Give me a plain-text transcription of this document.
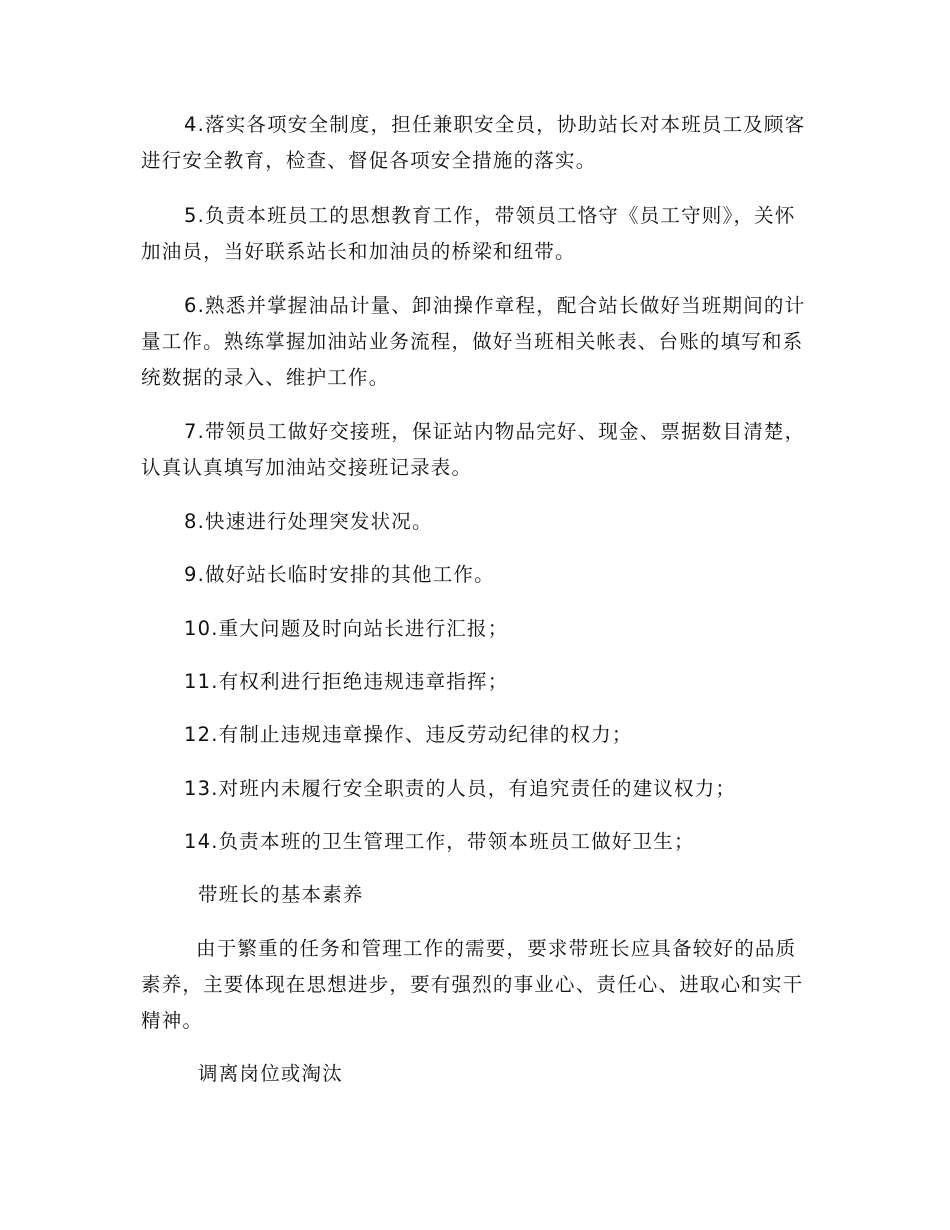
4.落实各项安全制度，担任兼职安全员，协助站长对本班员工及顾客进行安全教育，检查、督促各项安全措施的落实。

5.负责本班员工的思想教育工作，带领员工恪守《员工守则》，关怀加油员，当好联系站长和加油员的桥梁和纽带。

6.熟悉并掌握油品计量、卸油操作章程，配合站长做好当班期间的计量工作。熟练掌握加油站业务流程，做好当班相关帐表、台账的填写和系统数据的录入、维护工作。

7.带领员工做好交接班，保证站内物品完好、现金、票据数目清楚，认真认真填写加油站交接班记录表。

8.快速进行处理突发状况。

9.做好站长临时安排的其他工作。

10.重大问题及时向站长进行汇报；

11.有权利进行拒绝违规违章指挥；

12.有制止违规违章操作、违反劳动纪律的权力；

13.对班内未履行安全职责的人员，有追究责任的建议权力；

14.负责本班的卫生管理工作，带领本班员工做好卫生；

带班长的基本素养

由于繁重的任务和管理工作的需要，要求带班长应具备较好的品质素养，主要体现在思想进步，要有强烈的事业心、责任心、进取心和实干精神。

调离岗位或淘汰
